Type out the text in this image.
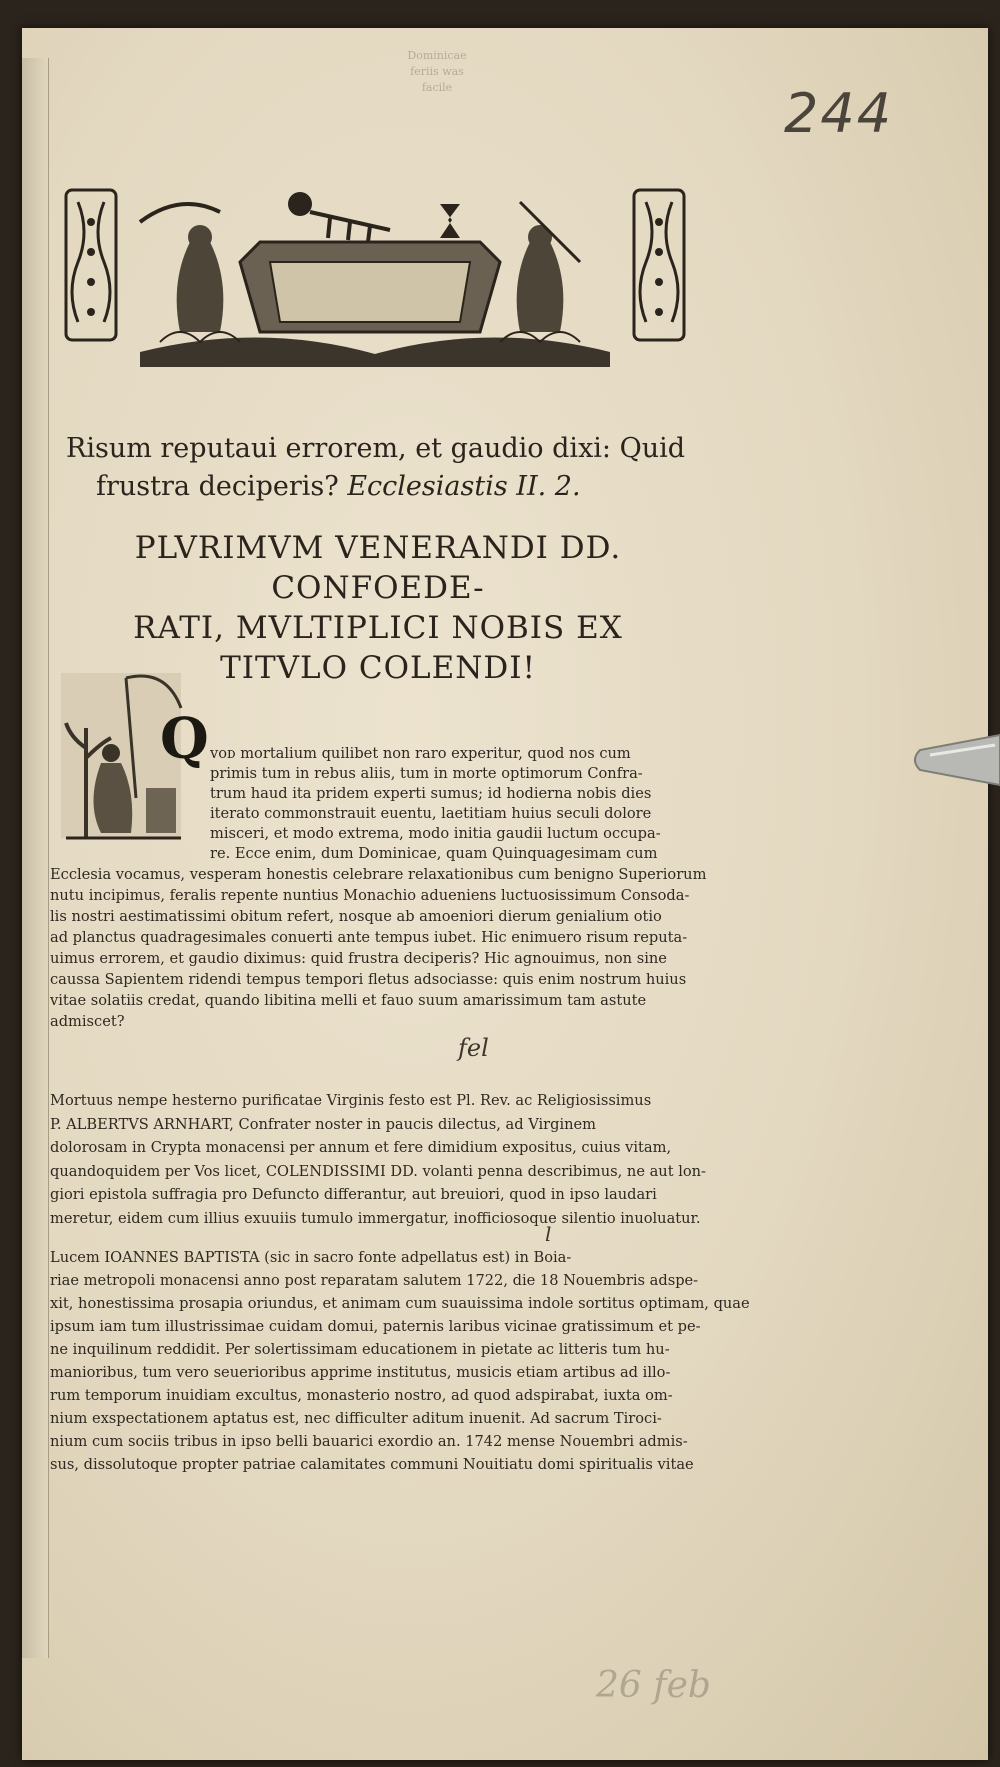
Dominicae
feriis was
facile	244
Risum reputaui errorem, et gaudio dixi: Quid
frustra deciperis? Ecclesiastis II. 2.
PLVRIMVM VENERANDI DD. CONFOEDE-
RATI, MVLTIPLICI NOBIS EX
TITVLO COLENDI!
Q ᴠᴏᴅ mortalium quilibet non raro experitur, quod nos cum
primis tum in rebus aliis, tum in morte optimorum Confra-
trum haud ita pridem experti sumus; id hodierna nobis dies
iterato commonstrauit euentu, laetitiam huius seculi dolore
misceri, et modo extrema, modo initia gaudii luctum occupa-
re. Ecce enim, dum Dominicae, quam Quinquagesimam cum
Ecclesia vocamus, vesperam honestis celebrare relaxationibus cum benigno Superiorum
nutu incipimus, feralis repente nuntius Monachio adueniens luctuosissimum Consoda-
lis nostri aestimatissimi obitum refert, nosque ab amoeniori dierum genialium otio
ad planctus quadragesimales conuerti ante tempus iubet. Hic enimuero risum reputa-
uimus errorem, et gaudio diximus: quid frustra deciperis? Hic agnouimus, non sine
caussa Sapientem ridendi tempus tempori fletus adsociasse: quis enim nostrum huius
vitae solatiis credat, quando libitina melli et fauo suum amarissimum tam astute
admiscet?
fel
Mortuus nempe hesterno purificatae Virginis festo est Pl. Rev. ac Religiosissimus
P. ALBERTVS ARNHART, Confrater noster in paucis dilectus, ad Virginem
dolorosam in Crypta monacensi per annum et fere dimidium expositus, cuius vitam,
quandoquidem per Vos licet, COLENDISSIMI DD. volanti penna describimus, ne aut lon-
giori epistola suffragia pro Defuncto differantur, aut breuiori, quod in ipso laudari
meretur, eidem cum illius exuuiis tumulo immergatur, inofficiosoque silentio inuoluatur.
l
Lucem IOANNES BAPTISTA (sic in sacro fonte adpellatus est) in Boia-
riae metropoli monacensi anno post reparatam salutem 1722, die 18 Nouembris adspe-
xit, honestissima prosapia oriundus, et animam cum suauissima indole sortitus optimam, quae
ipsum iam tum illustrissimae cuidam domui, paternis laribus vicinae gratissimum et pe-
ne inquilinum reddidit. Per solertissimam educationem in pietate ac litteris tum hu-
manioribus, tum vero seuerioribus apprime institutus, musicis etiam artibus ad illo-
rum temporum inuidiam excultus, monasterio nostro, ad quod adspirabat, iuxta om-
nium exspectationem aptatus est, nec difficulter aditum inuenit. Ad sacrum Tiroci-
nium cum sociis tribus in ipso belli bauarici exordio an. 1742 mense Nouembri admis-
sus, dissolutoque propter patriae calamitates communi Nouitiatu domi spiritualis vitae
26 feb
